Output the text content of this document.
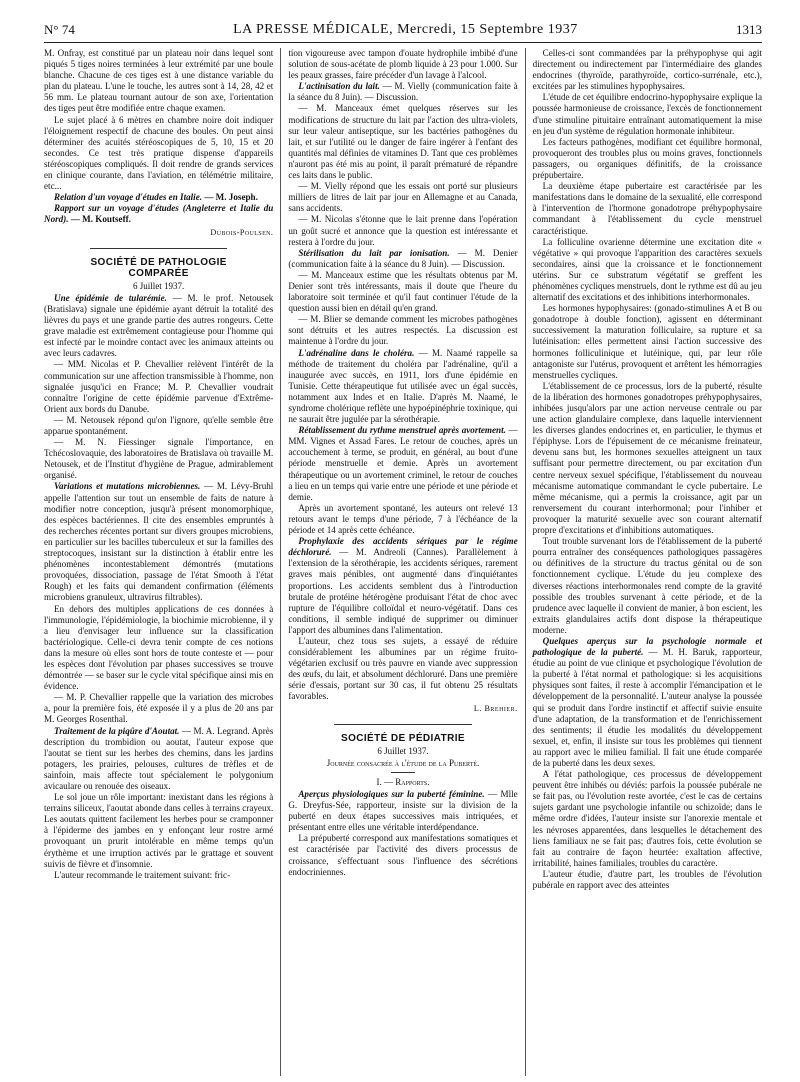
N° 74	LA PRESSE MÉDICALE, Mercredi, 15 Septembre 1937	1313

M. Onfray, est constitué par un plateau noir dans lequel sont piqués 5 tiges noires terminées à leur extrémité par une boule blanche. Chacune de ces tiges est à une distance variable du plan du plateau. L'une le touche, les autres sont à 14, 28, 42 et 56 mm. Le plateau tournant autour de son axe, l'orientation des tiges peut être modifiée entre chaque examen.

Le sujet placé à 6 mètres en chambre noire doit indiquer l'éloignement respectif de chacune des boules. On peut ainsi déterminer des acuités stéréoscopiques de 5, 10, 15 et 20 secondes. Ce test très pratique dispense d'appareils stéréoscopiques compliqués. Il doit rendre de grands services en clinique courante, dans l'aviation, en télémétrie militaire, etc...

Relation d'un voyage d'études en Italie. — M. Joseph.

Rapport sur un voyage d'études (Angleterre et Italie du Nord). — M. Koutseff.

Dubois-Poulsen.
SOCIÉTÉ DE PATHOLOGIE COMPARÉE
6 Juillet 1937.

Une épidémie de tularémie. — M. le prof. Netousek (Bratislava) signale une épidémie ayant détruit la totalité des lièvres du pays et une grande partie des autres rongeurs. Cette grave maladie est extrêmement contagieuse pour l'homme qui est infecté par le moindre contact avec les animaux atteints ou avec leurs cadavres.

— MM. Nicolas et P. Chevallier relèvent l'intérêt de la communication sur une affection transmissible à l'homme, non signalée jusqu'ici en France; M. P. Chevallier voudrait connaître l'origine de cette épidémie parvenue d'Extrême-Orient aux bords du Danube.

— M. Netousek répond qu'on l'ignore, qu'elle semble être apparue spontanément.

— M. N. Fiessinger signale l'importance, en Tchécoslovaquie, des laboratoires de Bratislava où travaille M. Netousek, et de l'Institut d'hygiène de Prague, admirablement organisé.

Variations et mutations microbiennes. — M. Lévy-Bruhl appelle l'attention sur tout un ensemble de faits de nature à modifier notre conception, jusqu'à présent monomorphique, des espèces bactériennes. Il cite des ensembles empruntés à des recherches récentes portant sur divers groupes microbiens, en particulier sur les bacilles tuberculeux et sur la familles des streptocoques, insistant sur la distinction à établir entre les phénomènes incontestablement démontrés (mutations provoquées, dissociation, passage de l'état Smooth à l'état Rough) et les faits qui demandent confirmation (éléments microbiens granuleux, ultravirus filtrables).

En dehors des multiples applications de ces données à l'immunologie, l'épidémiologie, la biochimie microbienne, il y a lieu d'envisager leur influence sur la classification bactériologique. Celle-ci devra tenir compte de ces notions dans la mesure où elles sont hors de toute conteste et — pour les espèces dont l'évolution par phases successives se trouve démontrée — se baser sur le cycle vital spécifique ainsi mis en évidence.

— M. P. Chevallier rappelle que la variation des microbes a, pour la première fois, été exposée il y a plus de 20 ans par M. Georges Rosenthal.

Traitement de la piqûre d'Aoutat. — M. A. Legrand. Après description du trombidion ou aoutat, l'auteur expose que l'aoutat se tient sur les herbes des chemins, dans les jardins potagers, les prairies, pelouses, cultures de trèfles et de sainfoin, mais affecte tout spécialement le polygonium avicaulare ou renouée des oiseaux.

Le sol joue un rôle important: inexistant dans les régions à terrains siliceux, l'aoutat abonde dans celles à terrains crayeux. Les aoutats quittent facilement les herbes pour se cramponner à l'épiderme des jambes en y enfonçant leur rostre armé provoquant un prurit intolérable en même temps qu'un érythème et une irruption activés par le grattage et souvent suivis de fièvre et d'insomnie.

L'auteur recommande le traitement suivant: fric-

tion vigoureuse avec tampon d'ouate hydrophile imbibé d'une solution de sous-acétate de plomb liquide à 23 pour 1.000. Sur les peaux grasses, faire précéder d'un lavage à l'alcool.

L'actinisation du lait. — M. Vielly (communication faite à la séance du 8 Juin). — Discussion.

— M. Manceaux émet quelques réserves sur les modifications de structure du lait par l'action des ultra-violets, sur leur valeur antiseptique, sur les bactéries pathogènes du lait, et sur l'utilité ou le danger de faire ingérer à l'enfant des quantités mal définies de vitamines D. Tant que ces problèmes n'auront pas été mis au point, il paraît prématuré de répandre ces laits dans le public.

— M. Vielly répond que les essais ont porté sur plusieurs milliers de litres de lait par jour en Allemagne et au Canada, sans accidents.

— M. Nicolas s'étonne que le lait prenne dans l'opération un goût sucré et annonce que la question est intéressante et restera à l'ordre du jour.

Stérilisation du lait par ionisation. — M. Denier (communication faite à la séance du 8 Juin). — Discussion.

— M. Manceaux estime que les résultats obtenus par M. Denier sont très intéressants, mais il doute que l'heure du laboratoire soit terminée et qu'il faut continuer l'étude de la question aussi bien en détail qu'en grand.

— M. Blier se demande comment les microbes pathogènes sont détruits et les autres respectés. La discussion est maintenue à l'ordre du jour.

L'adrénaline dans le choléra. — M. Naamé rappelle sa méthode de traitement du choléra par l'adrénaline, qu'il a inaugurée avec succès, en 1911, lors d'une épidémie en Tunisie. Cette thérapeutique fut utilisée avec un égal succès, notamment aux Indes et en Italie. D'après M. Naamé, le syndrome cholérique reflète une hypoépinéphrie toxinique, qui ne saurait être jugulée par la sérothérapie.

Rétablissement du rythme menstruel après avortement. — MM. Vignes et Assad Fares. Le retour de couches, après un accouchement à terme, se produit, en général, au bout d'une période menstruelle et demie. Après un avortement thérapeutique ou un avortement criminel, le retour de couches a lieu en un temps qui varie entre une période et une période et demie.

Après un avortement spontané, les auteurs ont relevé 13 retours avant le temps d'une période, 7 à l'échéance de la période et 14 après cette échéance.

Prophylaxie des accidents sériques par le régime déchloruré. — M. Andreoli (Cannes). Parallèlement à l'extension de la sérothérapie, les accidents sériques, rarement graves mais pénibles, ont augmenté dans d'inquiétantes proportions. Les accidents semblent dus à l'introduction brutale de protéine hétérogène produisant l'état de choc avec rupture de l'équilibre colloïdal et neuro-végétatif. Dans ces conditions, il semble indiqué de supprimer ou diminuer l'apport des albumines dans l'alimentation.

L'auteur, chez tous ses sujets, a essayé de réduire considérablement les albumines par un régime fruito-végétarien exclusif ou très pauvre en viande avec suppression des œufs, du lait, et absolument déchloruré. Dans une première série d'essais, portant sur 30 cas, il fut obtenu 25 résultats favorables.

L. Brehier.
SOCIÉTÉ DE PÉDIATRIE
6 Juillet 1937.
Journée consacrée à l'étude de la Puberté.
I. — Rapports.

Aperçus physiologiques sur la puberté féminine. — Mlle G. Dreyfus-Sée, rapporteur, insiste sur la division de la puberté en deux étapes successives mais intriquées, et présentant entre elles une véritable interdépendance.

La prépuberté correspond aux manifestations somatiques et est caractérisée par l'activité des divers processus de croissance, s'effectuant sous l'influence des sécrétions endocriniennes.

Celles-ci sont commandées par la préhypophyse qui agit directement ou indirectement par l'intermédiaire des glandes endocrines (thyroïde, parathyroïde, cortico-surrénale, etc.), excitées par les stimulines hypophysaires.

L'étude de cet équilibre endocrino-hypophysaire explique la poussée harmonieuse de croissance, l'excès de fonctionnement d'une stimuline pituitaire entraînant automatiquement la mise en jeu d'un système de régulation hormonale inhibiteur.

Les facteurs pathogènes, modifiant cet équilibre hormonal, provoqueront des troubles plus ou moins graves, fonctionnels passagers, ou organiques définitifs, de la croissance prépubertaire.

La deuxième étape pubertaire est caractérisée par les manifestations dans le domaine de la sexualité, elle correspond à l'intervention de l'hormone gonadotrope préhypophysaire commandant à l'établissement du cycle menstruel caractéristique.

La folliculine ovarienne détermine une excitation dite « végétative » qui provoque l'apparition des caractères sexuels secondaires, ainsi que la croissance et le fonctionnement utérins. Sur ce substratum végétatif se greffent les phénomènes cycliques menstruels, dont le rythme est dû au jeu alternatif des excitations et des inhibitions interhormonales.

Les hormones hypophysaires: (gonado-stimulines A et B ou gonadotrope à double fonction), agissent en déterminant successivement la maturation folliculaire, sa rupture et sa lutéinisation: elles permettent ainsi l'action successive des hormones folliculinique et lutéinique, qui, par leur rôle antagoniste sur l'utérus, provoquent et arrêtent les hémorragies menstruelles cycliques.

L'établissement de ce processus, lors de la puberté, résulte de la libération des hormones gonadotropes préhypophysaires, inhibées jusqu'alors par une action nerveuse centrale ou par une action glandulaire complexe, dans laquelle interviennent les diverses glandes endocrines et, en particulier, le thymus et l'épiphyse. Lors de l'épuisement de ce mécanisme freinateur, devenu sans but, les hormones sexuelles atteignent un taux suffisant pour permettre directement, ou par excitation d'un centre nerveux sexuel spécifique, l'établissement du nouveau mécanisme automatique commandant le cycle pubertaire. Le même mécanisme, qui a permis la croissance, agit par un renversement du courant interhormonal; pour l'inhiber et provoquer la maturité sexuelle avec son courant alternatif propre d'excitations et d'inhibitions automatiques.

Tout trouble survenant lors de l'établissement de la puberté pourra entraîner des conséquences pathologiques passagères ou définitives de la structure du tractus génital ou de son fonctionnement cyclique. L'étude du jeu complexe des diverses réactions interhormonales rend compte de la gravité possible des troubles survenant à cette période, et de la prudence avec laquelle il convient de manier, à bon escient, les extraits glandulaires actifs dont dispose la thérapeutique moderne.

Quelques aperçus sur la psychologie normale et pathologique de la puberté. — M. H. Baruk, rapporteur, étudie au point de vue clinique et psychologique l'évolution de la puberté à l'état normal et pathologique: si les acquisitions physiques sont faites, il reste à accomplir l'émancipation et le développement de la personnalité. L'auteur analyse la poussée qui se produit dans l'ordre instinctif et affectif suivie ensuite d'une adaptation, de la transformation et de l'enrichissement des sentiments; il étudie les modalités du développement sexuel, et, enfin, il insiste sur tous les problèmes qui tiennent au rapport avec le milieu familial. Il fait une étude comparée de la puberté dans les deux sexes.

A l'état pathologique, ces processus de développement peuvent être inhibés ou déviés: parfois la poussée pubérale ne se fait pas, ou l'évolution reste avortée, c'est le cas de certains sujets gardant une psychologie infantile ou schizoïde; dans le même ordre d'idées, l'auteur insiste sur l'anorexie mentale et les névroses apparentées, dans lesquelles le détachement des liens familiaux ne se fait pas; d'autres fois, cette évolution se fait au contraire de façon heurtée: exaltation affective, irritabilité, haines familiales, troubles du caractère.

L'auteur étudie, d'autre part, les troubles de l'évolution pubérale en rapport avec des atteintes
